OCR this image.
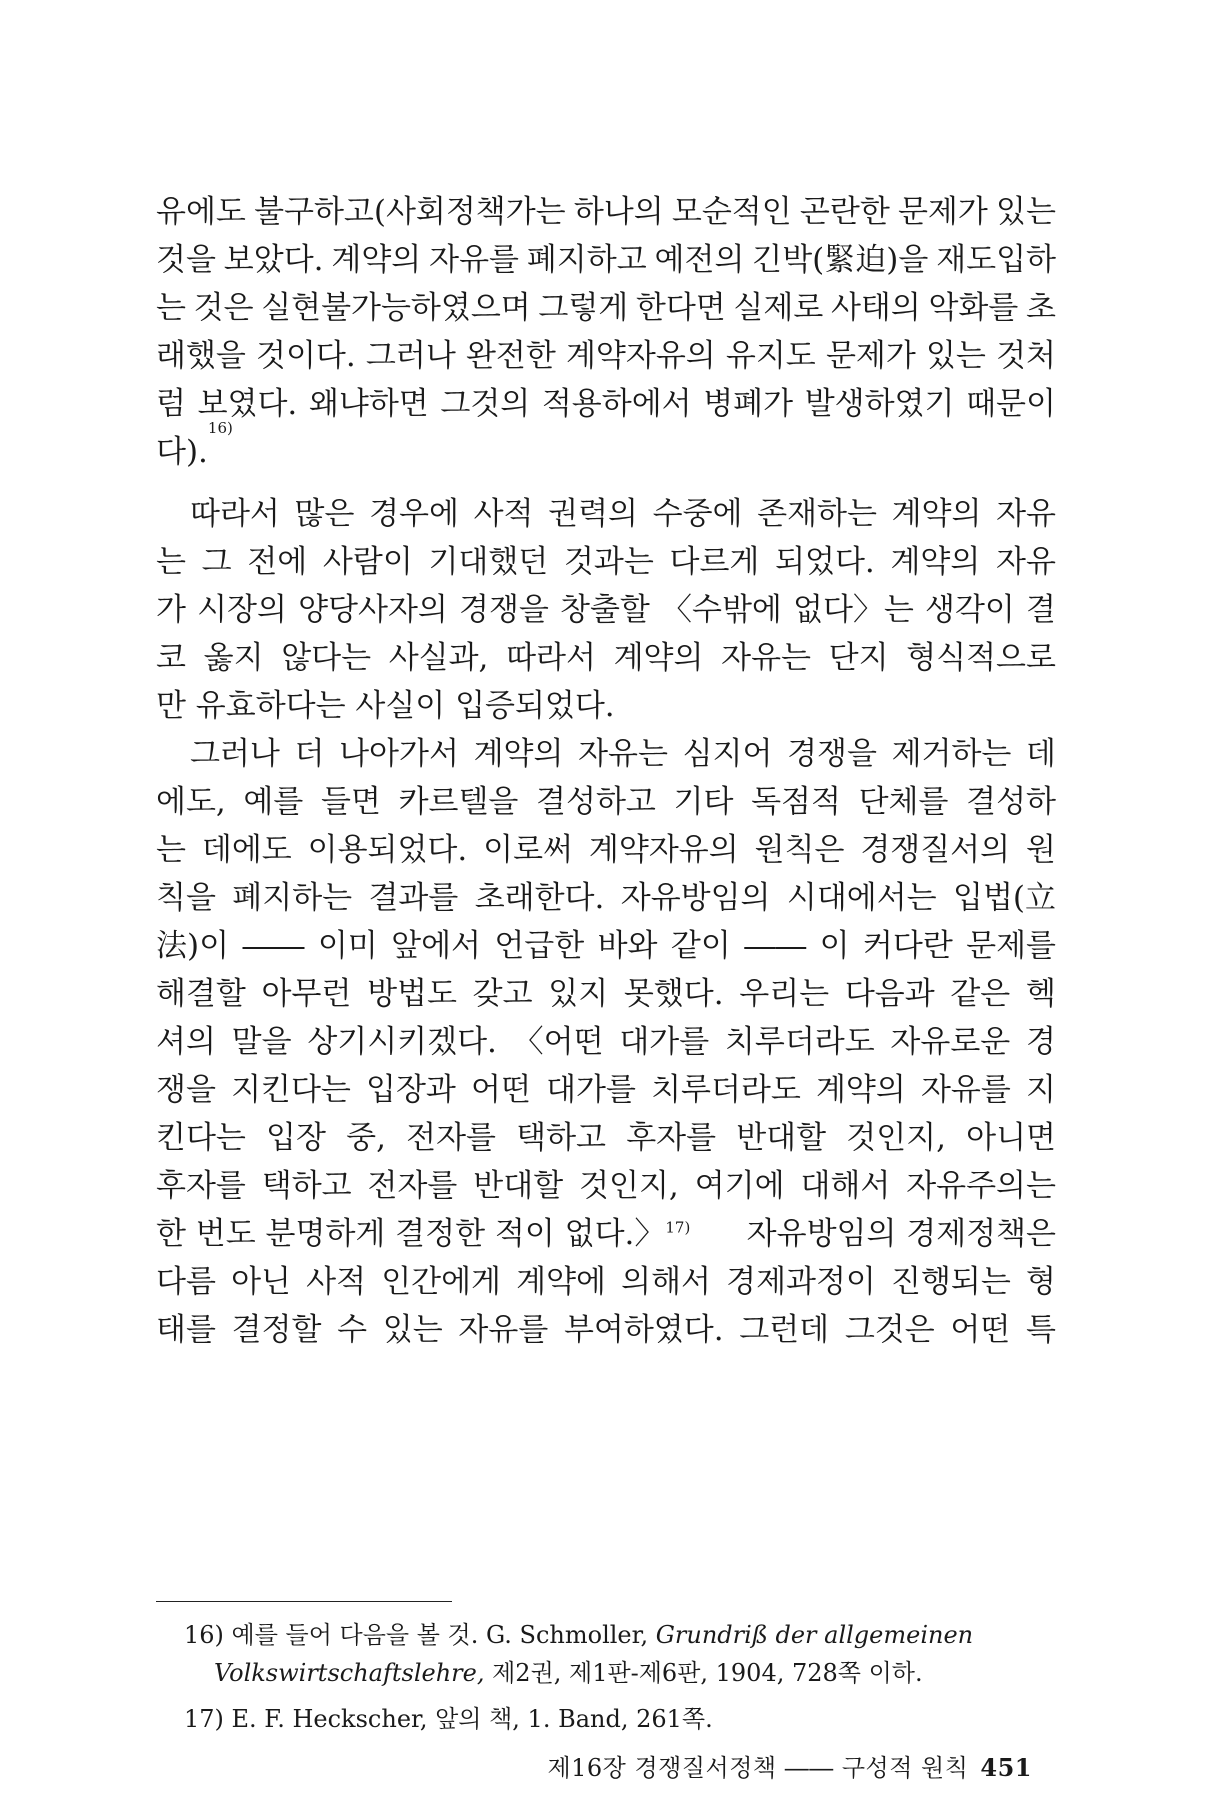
유에도 불구하고(사회정책가는 하나의 모순적인 곤란한 문제가 있는
것을 보았다. 계약의 자유를 폐지하고 예전의 긴박(緊迫)을 재도입하
는 것은 실현불가능하였으며 그렇게 한다면 실제로 사태의 악화를 초
래했을 것이다. 그러나 완전한 계약자유의 유지도 문제가 있는 것처
럼 보였다. 왜냐하면 그것의 적용하에서 병폐가 발생하였기 때문이
다).
16)
따라서 많은 경우에 사적 권력의 수중에 존재하는 계약의 자유
는 그 전에 사람이 기대했던 것과는 다르게 되었다. 계약의 자유
가 시장의 양당사자의 경쟁을 창출할 〈수밖에 없다〉는 생각이 결
코 옳지 않다는 사실과, 따라서 계약의 자유는 단지 형식적으로
만 유효하다는 사실이 입증되었다.
그러나 더 나아가서 계약의 자유는 심지어 경쟁을 제거하는 데
에도, 예를 들면 카르텔을 결성하고 기타 독점적 단체를 결성하
는 데에도 이용되었다. 이로써 계약자유의 원칙은 경쟁질서의 원
칙을 폐지하는 결과를 초래한다. 자유방임의 시대에서는 입법(立
法)이 ―― 이미 앞에서 언급한 바와 같이 ―― 이 커다란 문제를
해결할 아무런 방법도 갖고 있지 못했다. 우리는 다음과 같은 헥
셔의 말을 상기시키겠다. 〈어떤 대가를 치루더라도 자유로운 경
쟁을 지킨다는 입장과 어떤 대가를 치루더라도 계약의 자유를 지
킨다는 입장 중, 전자를 택하고 후자를 반대할 것인지, 아니면
후자를 택하고 전자를 반대할 것인지, 여기에 대해서 자유주의는
한 번도 분명하게 결정한 적이 없다.〉$^{17)}$ 자유방임의 경제정책은
다름 아닌 사적 인간에게 계약에 의해서 경제과정이 진행되는 형
태를 결정할 수 있는 자유를 부여하였다. 그런데 그것은 어떤 특
16) 예를 들어 다음을 볼 것. G. Schmoller, Grundriß der allgemeinen
Volkswirtschaftslehre, 제2권, 제1판-제6판, 1904, 728쪽 이하.
17) E. F. Heckscher, 앞의 책, 1. Band, 261쪽.
제16장 경쟁질서정책 ―― 구성적 원칙 451
